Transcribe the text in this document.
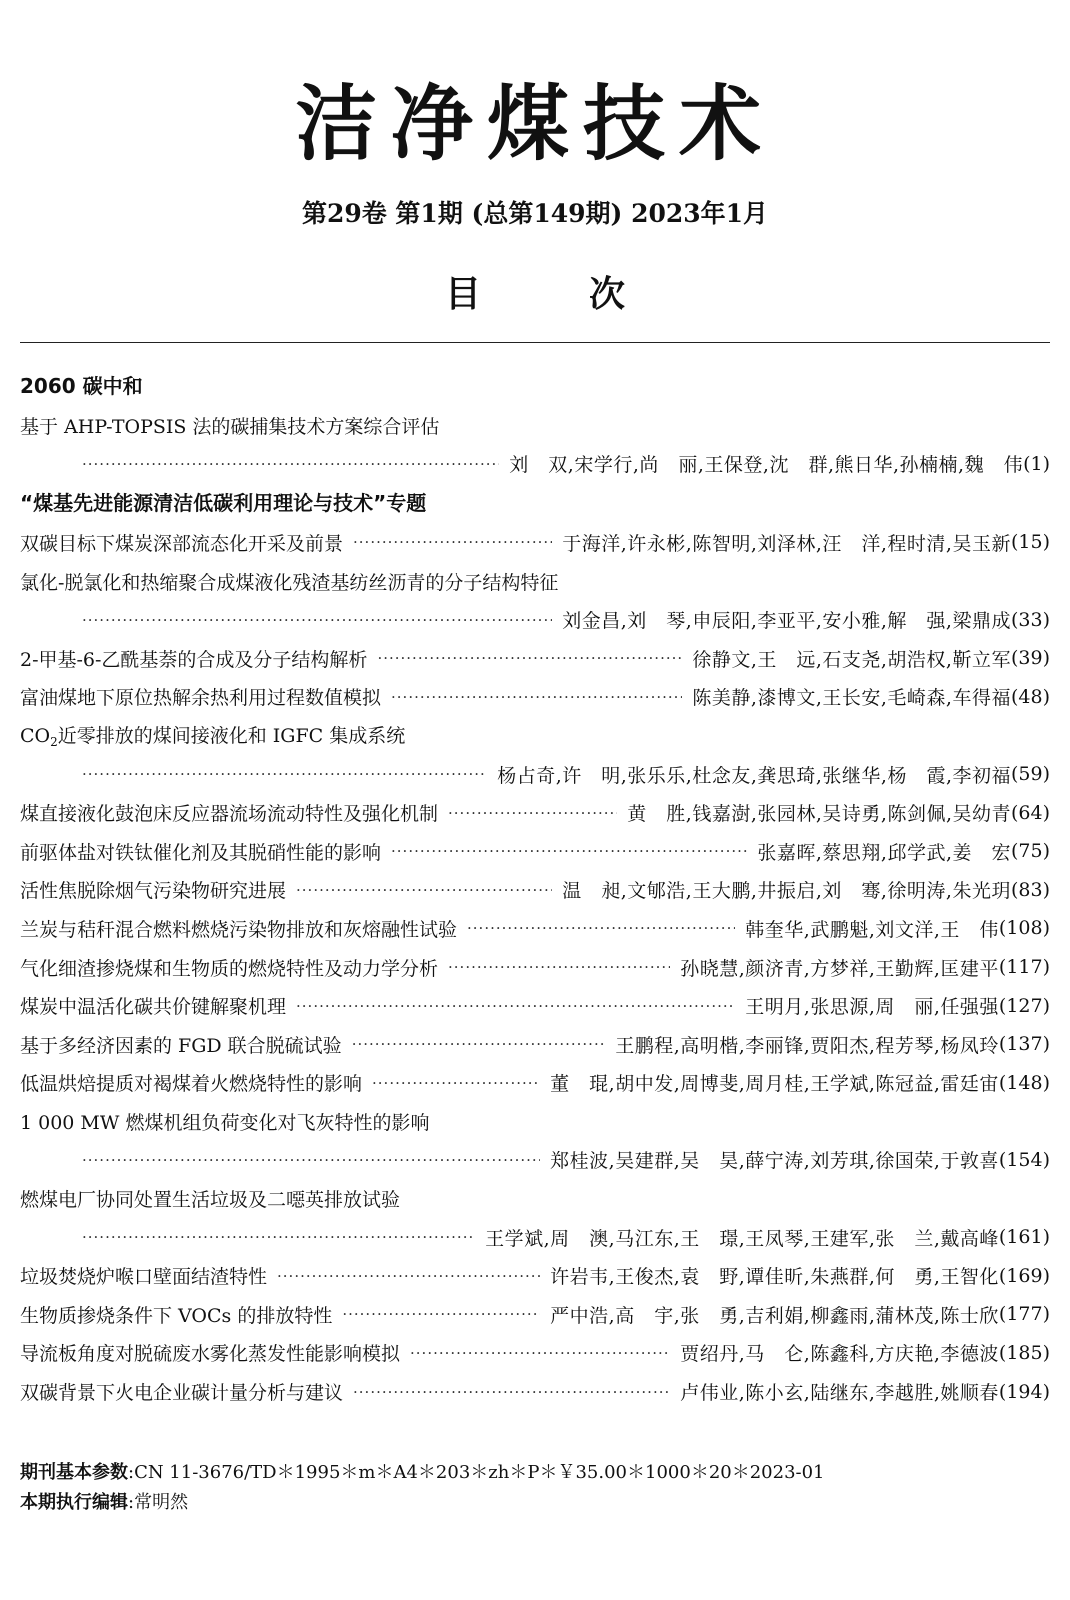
洁净煤技术
第29卷 第1期 (总第149期) 2023年1月
目	次
2060 碳中和
基于 AHP-TOPSIS 法的碳捕集技术方案综合评估
·····
刘　双,宋学行,尚　丽,王保登,沈　群,熊日华,孙楠楠,魏　伟 (1)
“煤基先进能源清洁低碳利用理论与技术”专题
双碳目标下煤炭深部流态化开采及前景 ·····	于海洋,许永彬,陈智明,刘泽林,汪　洋,程时清,吴玉新 (15)
氯化-脱氯化和热缩聚合成煤液化残渣基纺丝沥青的分子结构特征
·····
刘金昌,刘　琴,申辰阳,李亚平,安小雅,解　强,梁鼎成 (33)
2-甲基-6-乙酰基萘的合成及分子结构解析 ·····	徐静文,王　远,石支尧,胡浩权,靳立军 (39)
富油煤地下原位热解余热利用过程数值模拟 ·····	陈美静,漆博文,王长安,毛崎森,车得福 (48)
$CO_2$近零排放的煤间接液化和 IGFC 集成系统
·····
杨占奇,许　明,张乐乐,杜念友,龚思琦,张继华,杨　霞,李初福 (59)
煤直接液化鼓泡床反应器流场流动特性及强化机制 ·····	黄　胜,钱嘉澍,张园林,吴诗勇,陈剑佩,吴幼青 (64)
前驱体盐对铁钛催化剂及其脱硝性能的影响 ·····	张嘉晖,蔡思翔,邱学武,姜　宏 (75)
活性焦脱除烟气污染物研究进展 ·····	温　昶,文郇浩,王大鹏,井振启,刘　骞,徐明涛,朱光玥 (83)
兰炭与秸秆混合燃料燃烧污染物排放和灰熔融性试验 ·····	韩奎华,武鹏魁,刘文洋,王　伟 (108)
气化细渣掺烧煤和生物质的燃烧特性及动力学分析 ·····	孙晓慧,颜济青,方梦祥,王勤辉,匡建平 (117)
煤炭中温活化碳共价键解聚机理 ·····	王明月,张思源,周　丽,任强强 (127)
基于多经济因素的 FGD 联合脱硫试验 ·····	王鹏程,高明楷,李丽锋,贾阳杰,程芳琴,杨凤玲 (137)
低温烘焙提质对褐煤着火燃烧特性的影响 ·····	董　琨,胡中发,周博斐,周月桂,王学斌,陈冠益,雷廷宙 (148)
1 000 MW 燃煤机组负荷变化对飞灰特性的影响
·····
郑桂波,吴建群,吴　昊,薛宁涛,刘芳琪,徐国荣,于敦喜 (154)
燃煤电厂协同处置生活垃圾及二噁英排放试验
·····
王学斌,周　澳,马江东,王　璟,王凤琴,王建军,张　兰,戴高峰 (161)
垃圾焚烧炉喉口壁面结渣特性 ·····	许岩韦,王俊杰,袁　野,谭佳昕,朱燕群,何　勇,王智化 (169)
生物质掺烧条件下 VOCs 的排放特性 ·····	严中浩,高　宇,张　勇,吉利娟,柳鑫雨,蒲林茂,陈士欣 (177)
导流板角度对脱硫废水雾化蒸发性能影响模拟 ·····	贾绍丹,马　仑,陈鑫科,方庆艳,李德波 (185)
双碳背景下火电企业碳计量分析与建议 ·····	卢伟业,陈小玄,陆继东,李越胜,姚顺春 (194)
期刊基本参数:CN 11-3676/TD＊1995＊m＊A4＊203＊zh＊P＊￥35.00＊1000＊20＊2023-01
本期执行编辑:常明然
